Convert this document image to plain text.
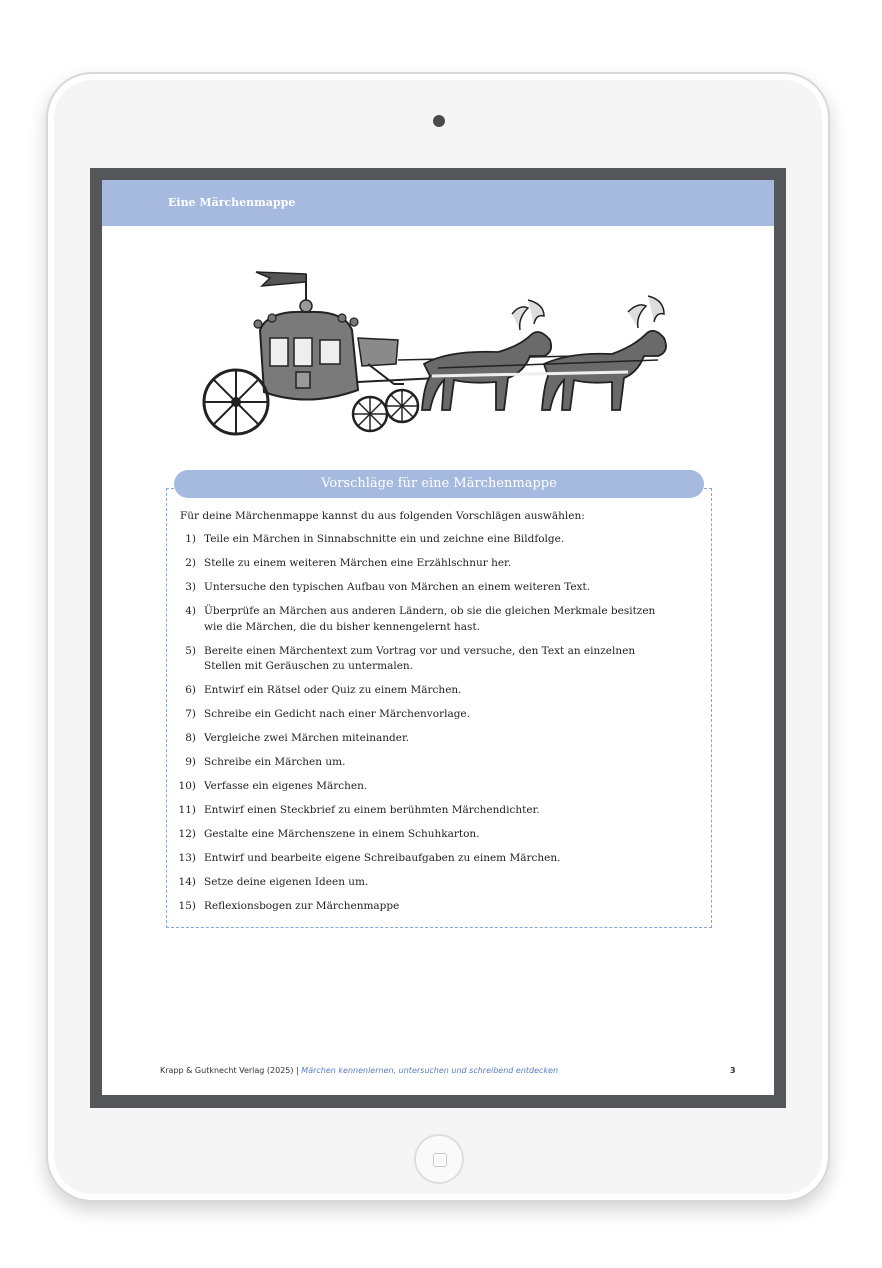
Eine Märchenmappe
Vorschläge für eine Märchenmappe
Für deine Märchenmappe kannst du aus folgenden Vorschlägen auswählen:
1) Teile ein Märchen in Sinnabschnitte ein und zeichne eine Bildfolge.
2) Stelle zu einem weiteren Märchen eine Erzählschnur her.
3) Untersuche den typischen Aufbau von Märchen an einem weiteren Text.
4) Überprüfe an Märchen aus anderen Ländern, ob sie die gleichen Merkmale besitzen wie die Märchen, die du bisher kennengelernt hast.
5) Bereite einen Märchentext zum Vortrag vor und versuche, den Text an einzelnen Stellen mit Geräuschen zu untermalen.
6) Entwirf ein Rätsel oder Quiz zu einem Märchen.
7) Schreibe ein Gedicht nach einer Märchenvorlage.
8) Vergleiche zwei Märchen miteinander.
9) Schreibe ein Märchen um.
10) Verfasse ein eigenes Märchen.
11) Entwirf einen Steckbrief zu einem berühmten Märchendichter.
12) Gestalte eine Märchenszene in einem Schuhkarton.
13) Entwirf und bearbeite eigene Schreibaufgaben zu einem Märchen.
14) Setze deine eigenen Ideen um.
15) Reflexionsbogen zur Märchenmappe
Krapp & Gutknecht Verlag (2025) | Märchen kennenlernen, untersuchen und schreibend entdecken	3
